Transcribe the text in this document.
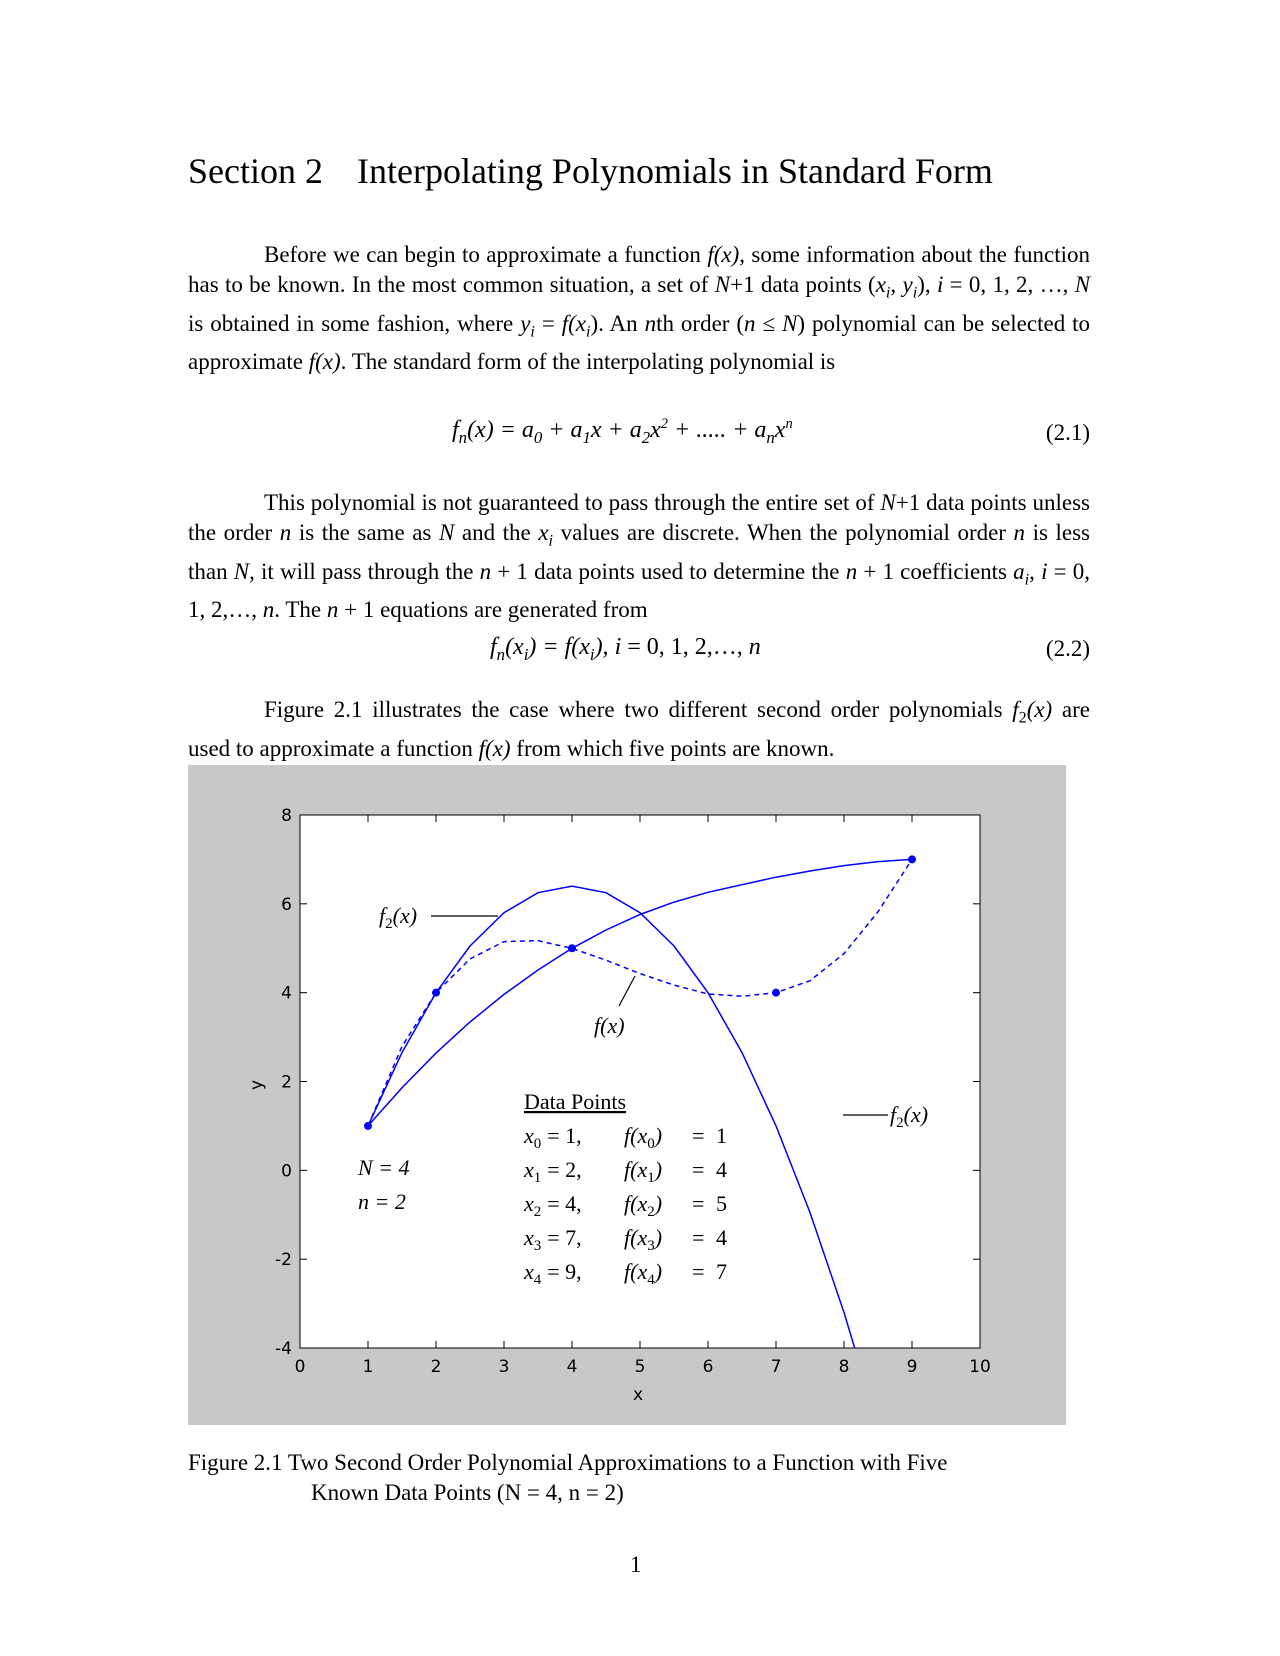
Section 2 Interpolating Polynomials in Standard Form

Before we can begin to approximate a function f(x), some information about the function has to be known. In the most common situation, a set of N+1 data points ($x_i$, $y_i$), i = 0, 1, 2, …, N is obtained in some fashion, where $y_i = f(x_i)$. An nth order (n ≤ N) polynomial can be selected to approximate f(x). The standard form of the interpolating polynomial is

$f_n(x) = a_0 + a_1x + a_2x^2$ + ..... + $a_nx^n$	(2.1)

This polynomial is not guaranteed to pass through the entire set of N+1 data points unless the order n is the same as N and the $x_i$ values are discrete. When the polynomial order n is less than N, it will pass through the n + 1 data points used to determine the n + 1 coefficients $a_i$, i = 0, 1, 2,…, n. The n + 1 equations are generated from

$f_n(x_i) = f(x_i)$, i = 0, 1, 2,…, n	(2.2)

Figure 2.1 illustrates the case where two different second order polynomials $f_2(x)$ are used to approximate a function f(x) from which five points are known.

0	1	2	3	4	5	6	7	8	9	10
-4
-2
0
2
4
6
8
x
y
$f_2(x)$
f(x)
$f_2(x)$
N = 4
n = 2
Data Points
$x_0 = 1$, $f(x_0) = 1$
$x_1 = 2$, $f(x_1) = 4$
$x_2 = 4$, $f(x_2) = 5$
$x_3 = 7$, $f(x_3) = 4$
$x_4 = 9$, $f(x_4) = 7$
Figure 2.1 Two Second Order Polynomial Approximations to a Function with Five
Known Data Points (N = 4, n = 2)
1
